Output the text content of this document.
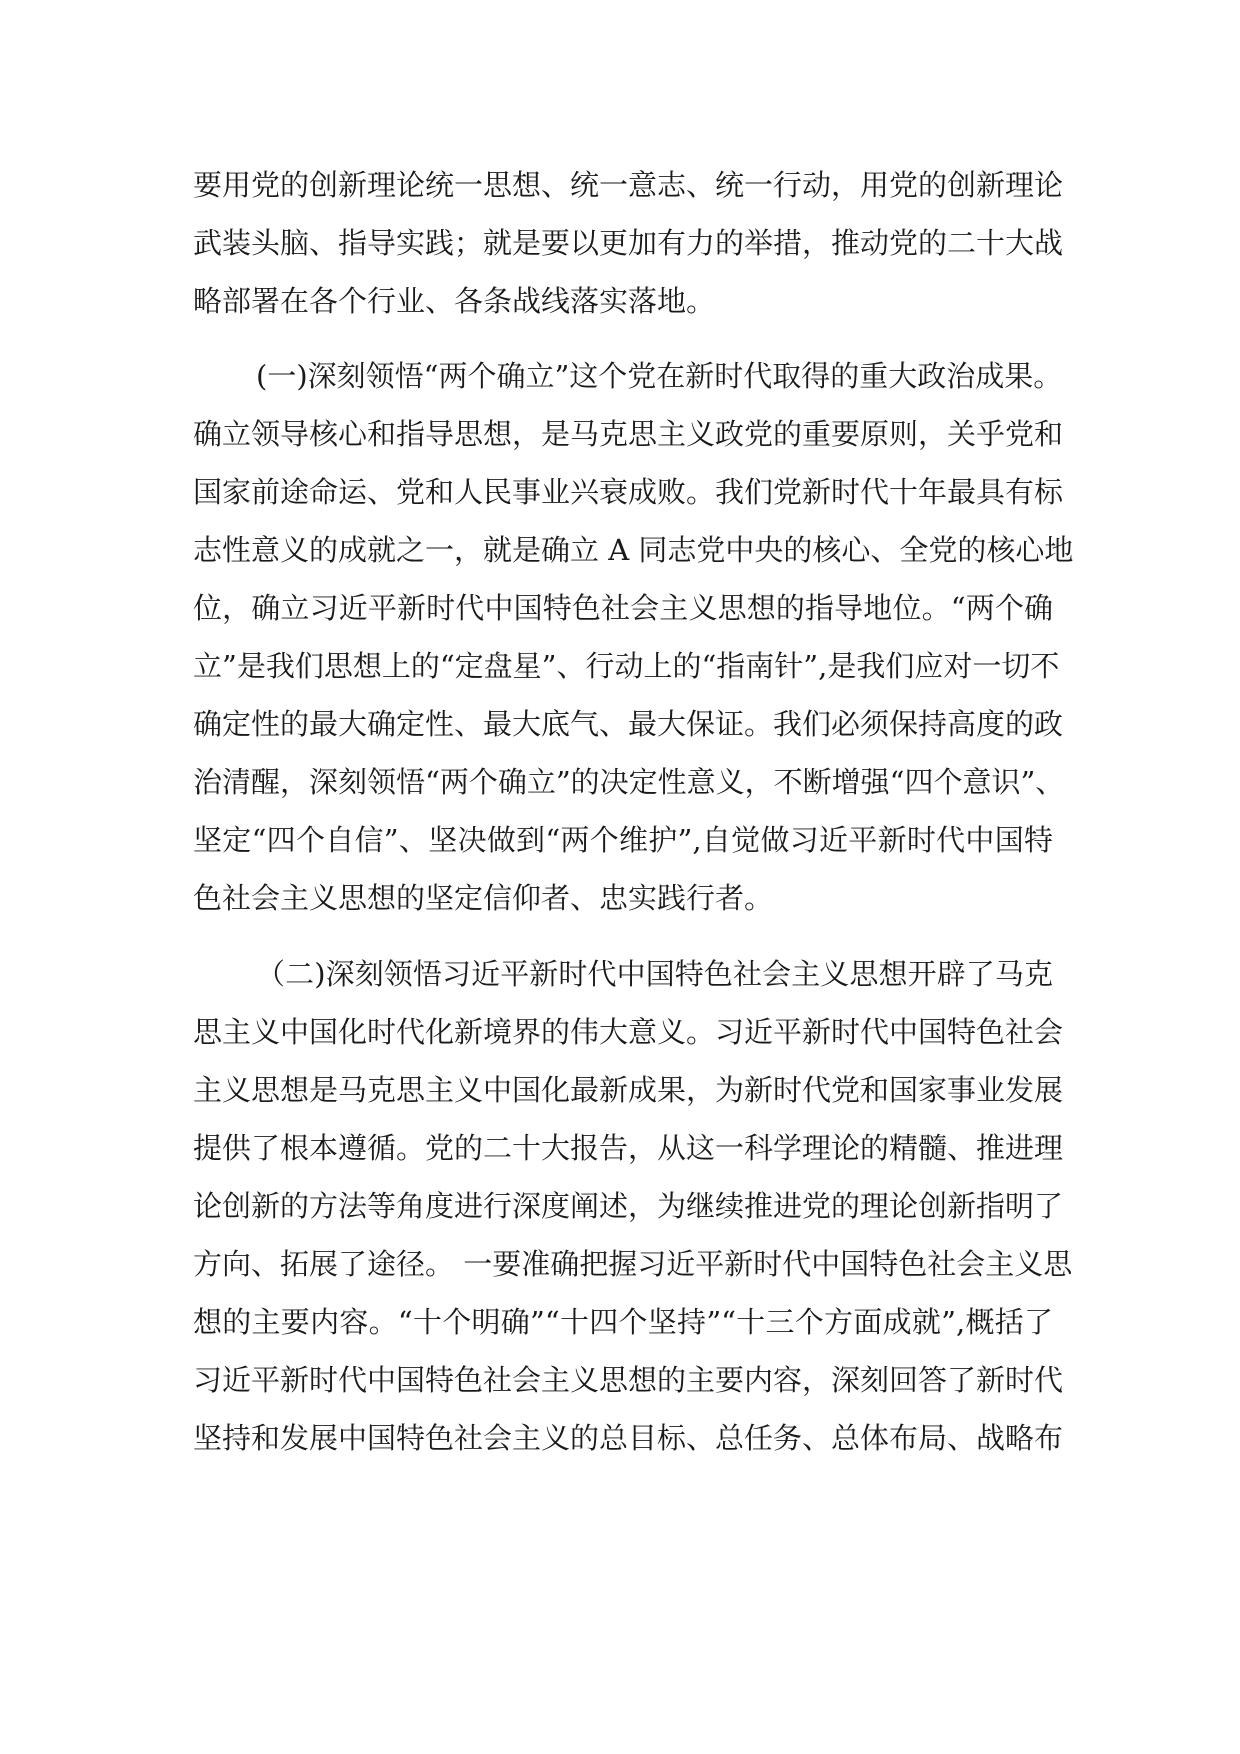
要用党的创新理论统一思想、统一意志、统一行动，用党的创新理论
武装头脑、指导实践；就是要以更加有力的举措，推动党的二十大战
略部署在各个行业、各条战线落实落地。
(一)深刻领悟“两个确立”这个党在新时代取得的重大政治成果。
确立领导核心和指导思想，是马克思主义政党的重要原则，关乎党和
国家前途命运、党和人民事业兴衰成败。我们党新时代十年最具有标
志性意义的成就之一，就是确立 A 同志党中央的核心、全党的核心地
位，确立习近平新时代中国特色社会主义思想的指导地位。“两个确
立”是我们思想上的“定盘星”、行动上的“指南针”,是我们应对一切不
确定性的最大确定性、最大底气、最大保证。我们必须保持高度的政
治清醒，深刻领悟“两个确立”的决定性意义，不断增强“四个意识”、
坚定“四个自信”、坚决做到“两个维护”,自觉做习近平新时代中国特
色社会主义思想的坚定信仰者、忠实践行者。
（二)深刻领悟习近平新时代中国特色社会主义思想开辟了马克
思主义中国化时代化新境界的伟大意义。习近平新时代中国特色社会
主义思想是马克思主义中国化最新成果，为新时代党和国家事业发展
提供了根本遵循。党的二十大报告，从这一科学理论的精髓、推进理
论创新的方法等角度进行深度阐述，为继续推进党的理论创新指明了
方向、拓展了途径。 一要准确把握习近平新时代中国特色社会主义思
想的主要内容。“十个明确”“十四个坚持”“十三个方面成就”,概括了
习近平新时代中国特色社会主义思想的主要内容，深刻回答了新时代
坚持和发展中国特色社会主义的总目标、总任务、总体布局、战略布
